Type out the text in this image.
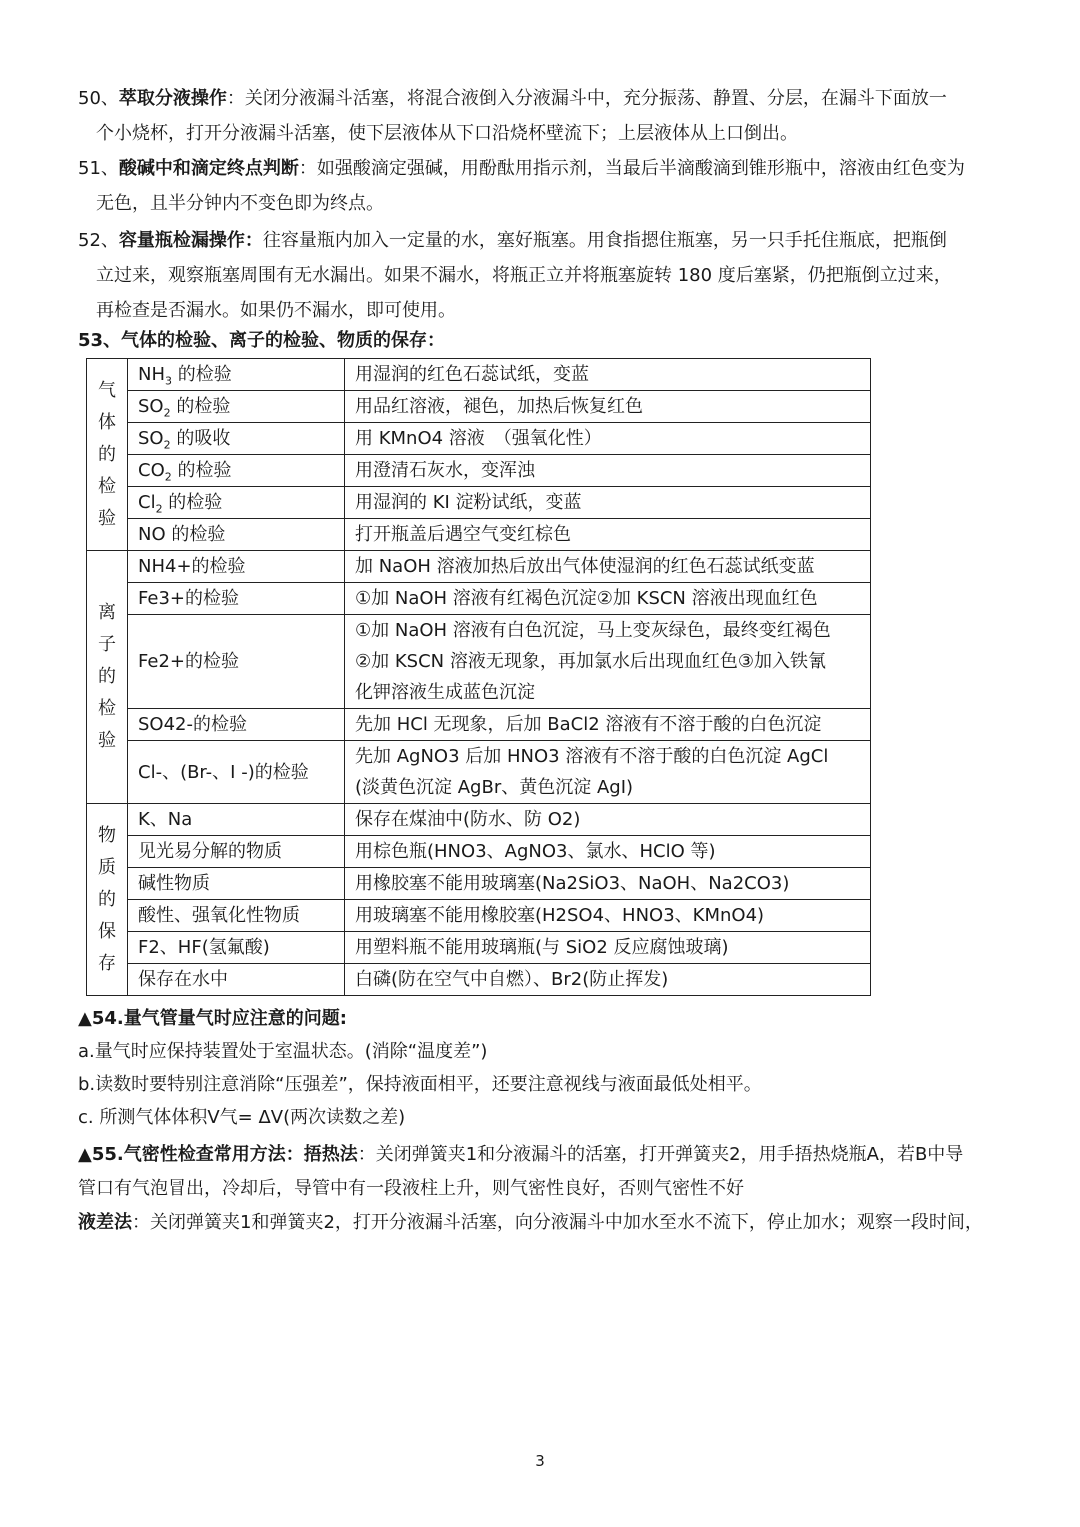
50、萃取分液操作：关闭分液漏斗活塞，将混合液倒入分液漏斗中，充分振荡、静置、分层，在漏斗下面放一
个小烧杯，打开分液漏斗活塞，使下层液体从下口沿烧杯壁流下；上层液体从上口倒出。

51、酸碱中和滴定终点判断：如强酸滴定强碱，用酚酞用指示剂，当最后半滴酸滴到锥形瓶中，溶液由红色变为
无色，且半分钟内不变色即为终点。

52、容量瓶检漏操作：往容量瓶内加入一定量的水，塞好瓶塞。用食指摁住瓶塞，另一只手托住瓶底，把瓶倒
立过来，观察瓶塞周围有无水漏出。如果不漏水，将瓶正立并将瓶塞旋转 180 度后塞紧，仍把瓶倒立过来，
再检查是否漏水。如果仍不漏水，即可使用。

53、气体的检验、离子的检验、物质的保存：

气
体
的
检
验	$NH_3$ 的检验	用湿润的红色石蕊试纸，变蓝
	$SO_2$ 的检验	用品红溶液，褪色，加热后恢复红色
	$SO_2$ 的吸收	用 KMnO4 溶液　（强氧化性）
	$CO_2$ 的检验	用澄清石灰水，变浑浊
	$Cl_2$ 的检验	用湿润的 KI 淀粉试纸，变蓝
	NO 的检验	打开瓶盖后遇空气变红棕色

离
子
的
检
验	NH4+的检验	加 NaOH 溶液加热后放出气体使湿润的红色石蕊试纸变蓝
	Fe3+的检验	①加 NaOH 溶液有红褐色沉淀②加 KSCN 溶液出现血红色
	Fe2+的检验	①加 NaOH 溶液有白色沉淀，马上变灰绿色，最终变红褐色
②加 KSCN 溶液无现象，再加氯水后出现血红色③加入铁氰
化钾溶液生成蓝色沉淀

	SO42-的检验	先加 HCl 无现象，后加 BaCl2 溶液有不溶于酸的白色沉淀
	Cl-、(Br-、I -)的检验	先加 AgNO3 后加 HNO3 溶液有不溶于酸的白色沉淀 AgCl
(淡黄色沉淀 AgBr、黄色沉淀 AgI)

物
质
的
保
存	K、Na	保存在煤油中(防水、防 O2)
	见光易分解的物质	用棕色瓶(HNO3、AgNO3、氯水、HClO 等)
	碱性物质	用橡胶塞不能用玻璃塞(Na2SiO3、NaOH、Na2CO3)
	酸性、强氧化性物质	用玻璃塞不能用橡胶塞(H2SO4、HNO3、KMnO4)
	F2、HF(氢氟酸)	用塑料瓶不能用玻璃瓶(与 SiO2 反应腐蚀玻璃)
	保存在水中	白磷(防在空气中自燃）、Br2(防止挥发)
▲54.量气管量气时应注意的问题:
a.量气时应保持装置处于室温状态。(消除“温度差”)
b.读数时要特别注意消除“压强差”，保持液面相平，还要注意视线与液面最低处相平。
c. 所测气体体积V气= ΔV(两次读数之差)
▲55.气密性检查常用方法：捂热法：关闭弹簧夹1和分液漏斗的活塞，打开弹簧夹2，用手捂热烧瓶A，若B中导
管口有气泡冒出，冷却后，导管中有一段液柱上升，则气密性良好，否则气密性不好
液差法：关闭弹簧夹1和弹簧夹2，打开分液漏斗活塞，向分液漏斗中加水至水不流下，停止加水；观察一段时间，
3
